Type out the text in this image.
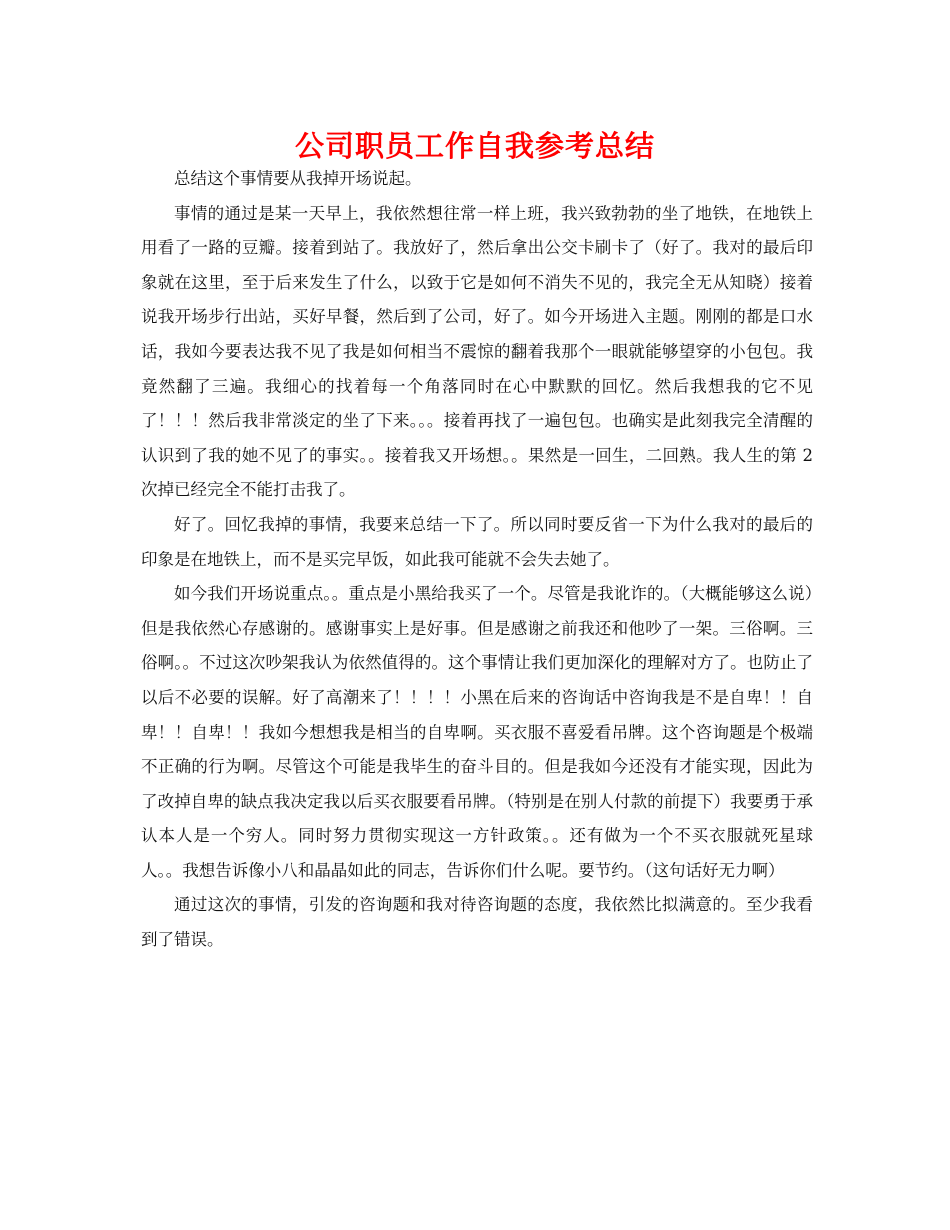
公司职员工作自我参考总结

总结这个事情要从我掉开场说起。

事情的通过是某一天早上，我依然想往常一样上班，我兴致勃勃的坐了地铁，在地铁上用看了一路的豆瓣。接着到站了。我放好了，然后拿出公交卡刷卡了（好了。我对的最后印象就在这里，至于后来发生了什么，以致于它是如何不消失不见的，我完全无从知晓）接着说我开场步行出站，买好早餐，然后到了公司，好了。如今开场进入主题。刚刚的都是口水话，我如今要表达我不见了我是如何相当不震惊的翻着我那个一眼就能够望穿的小包包。我竟然翻了三遍。我细心的找着每一个角落同时在心中默默的回忆。然后我想我的它不见了！！！然后我非常淡定的坐了下来。。。接着再找了一遍包包。也确实是此刻我完全清醒的认识到了我的她不见了的事实。。接着我又开场想。。果然是一回生，二回熟。我人生的第 2 次掉已经完全不能打击我了。

好了。回忆我掉的事情，我要来总结一下了。所以同时要反省一下为什么我对的最后的印象是在地铁上，而不是买完早饭，如此我可能就不会失去她了。

如今我们开场说重点。。重点是小黑给我买了一个。尽管是我讹诈的。（大概能够这么说）但是我依然心存感谢的。感谢事实上是好事。但是感谢之前我还和他吵了一架。三俗啊。三俗啊。。不过这次吵架我认为依然值得的。这个事情让我们更加深化的理解对方了。也防止了以后不必要的误解。好了高潮来了！！！！小黑在后来的咨询话中咨询我是不是自卑！！自卑！！自卑！！我如今想想我是相当的自卑啊。买衣服不喜爱看吊牌。这个咨询题是个极端不正确的行为啊。尽管这个可能是我毕生的奋斗目的。但是我如今还没有才能实现，因此为了改掉自卑的缺点我决定我以后买衣服要看吊牌。（特别是在别人付款的前提下）我要勇于承认本人是一个穷人。同时努力贯彻实现这一方针政策。。还有做为一个不买衣服就死星球人。。我想告诉像小八和晶晶如此的同志，告诉你们什么呢。要节约。（这句话好无力啊）

通过这次的事情，引发的咨询题和我对待咨询题的态度，我依然比拟满意的。至少我看到了错误。
